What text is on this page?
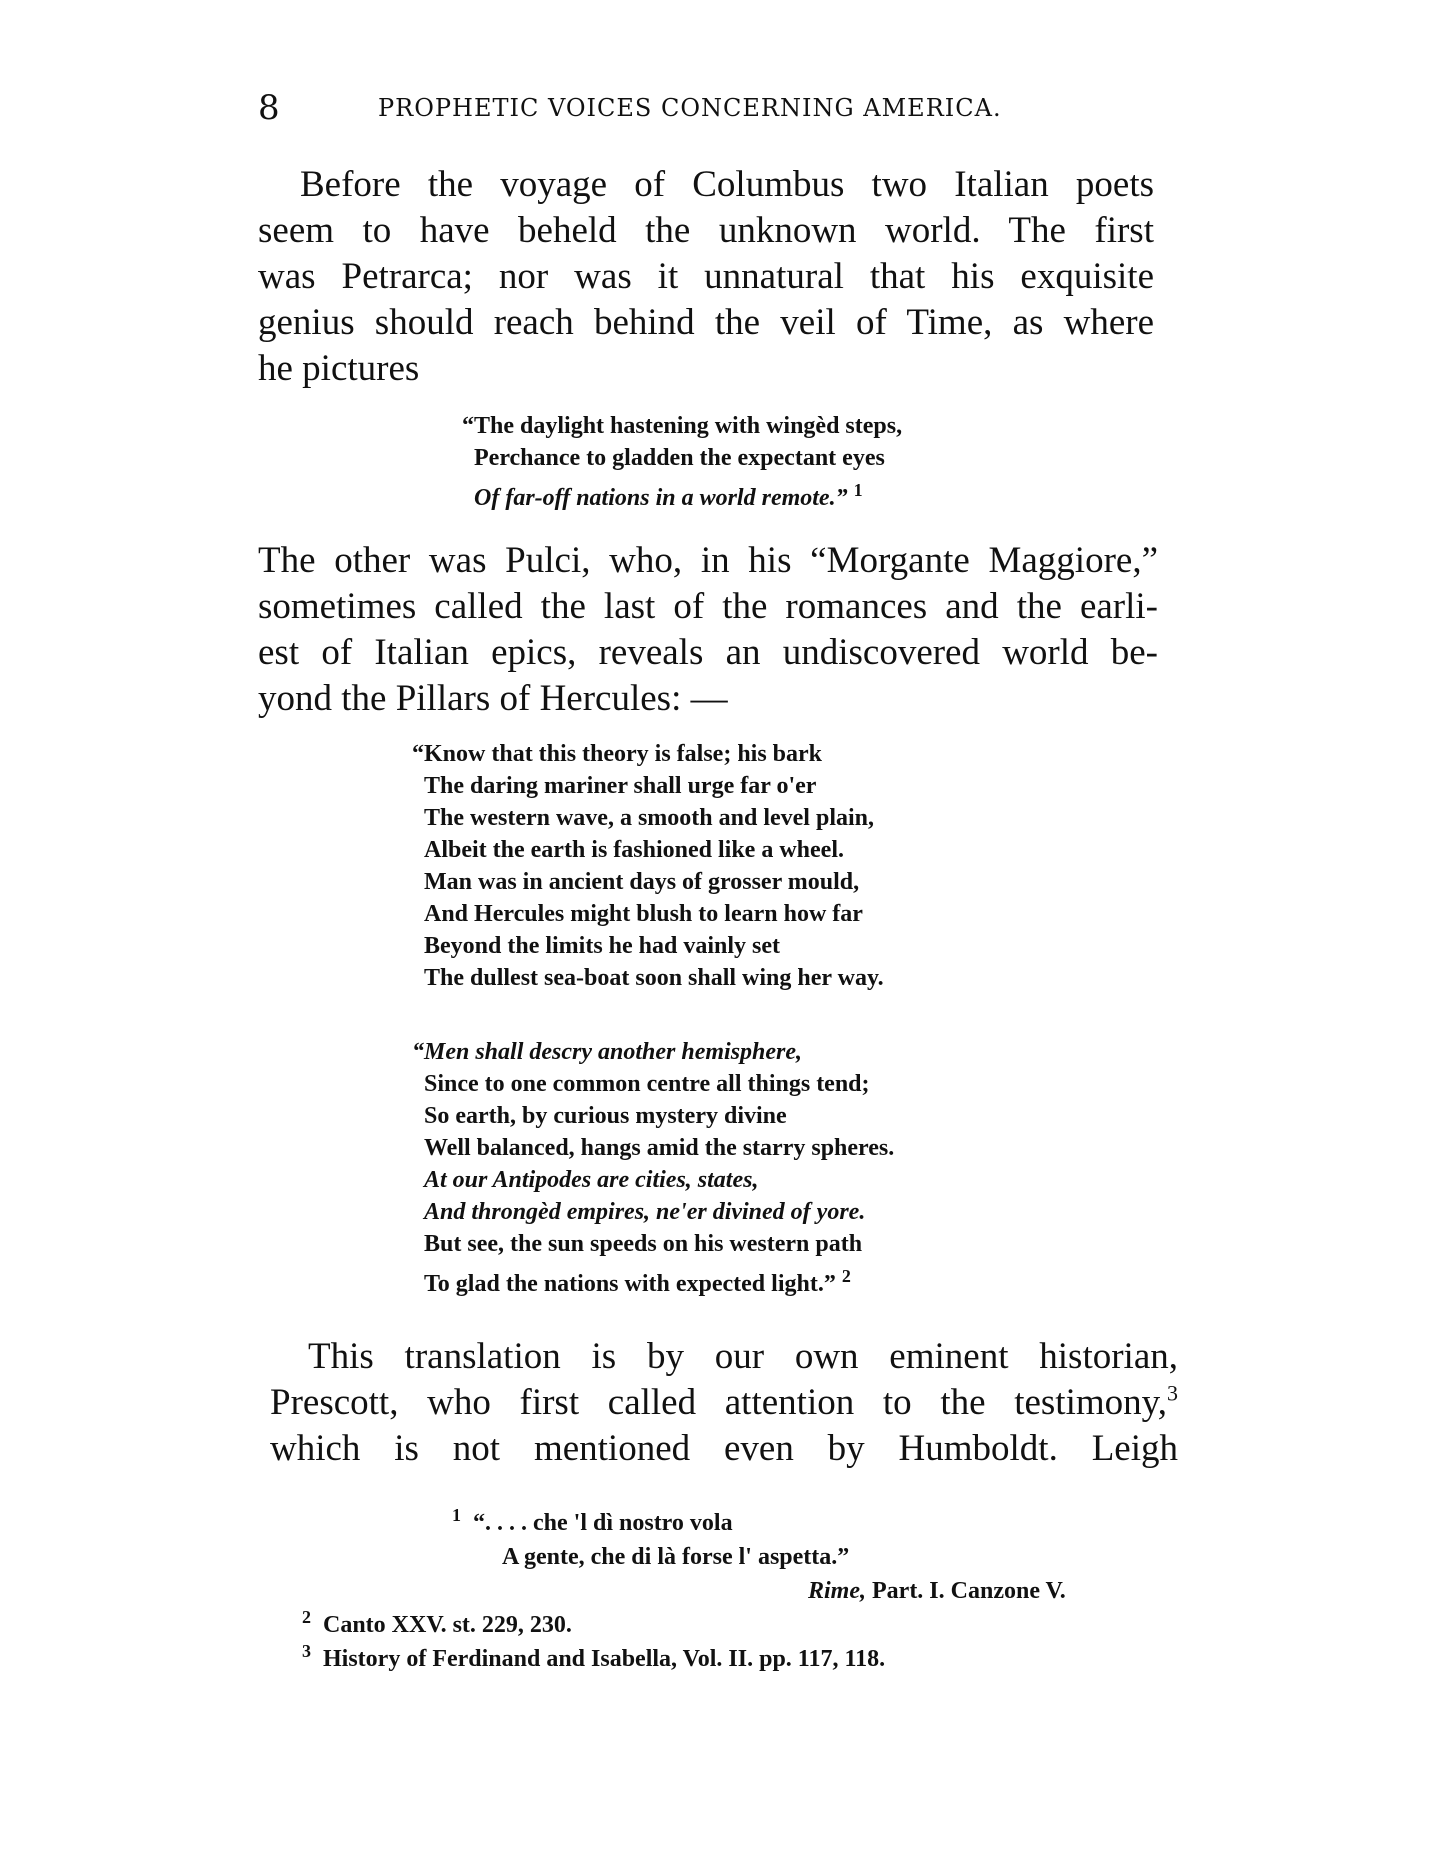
8	PROPHETIC VOICES CONCERNING AMERICA.
Before the voyage of Columbus two Italian poets
seem to have beheld the unknown world. The first
was Petrarca; nor was it unnatural that his exquisite
genius should reach behind the veil of Time, as where
he pictures
“The daylight hastening with wingèd steps,
Perchance to gladden the expectant eyes
Of far-off nations in a world remote.” $^1$
The other was Pulci, who, in his “Morgante Maggiore,”
sometimes called the last of the romances and the earli-
est of Italian epics, reveals an undiscovered world be-
yond the Pillars of Hercules: —
“Know that this theory is false; his bark
The daring mariner shall urge far o'er
The western wave, a smooth and level plain,
Albeit the earth is fashioned like a wheel.
Man was in ancient days of grosser mould,
And Hercules might blush to learn how far
Beyond the limits he had vainly set
The dullest sea-boat soon shall wing her way.
“Men shall descry another hemisphere,
Since to one common centre all things tend;
So earth, by curious mystery divine
Well balanced, hangs amid the starry spheres.
At our Antipodes are cities, states,
And throngèd empires, ne'er divined of yore.
But see, the sun speeds on his western path
To glad the nations with expected light.” $^2$
This translation is by our own eminent historian,
Prescott, who first called attention to the testimony,$^3$
which is not mentioned even by Humboldt. Leigh
$^1$ “. . . . che 'l dì nostro vola
A gente, che di là forse l' aspetta.”
Rime, Part. I. Canzone V.
$^2$ Canto XXV. st. 229, 230.
$^3$ History of Ferdinand and Isabella, Vol. II. pp. 117, 118.
